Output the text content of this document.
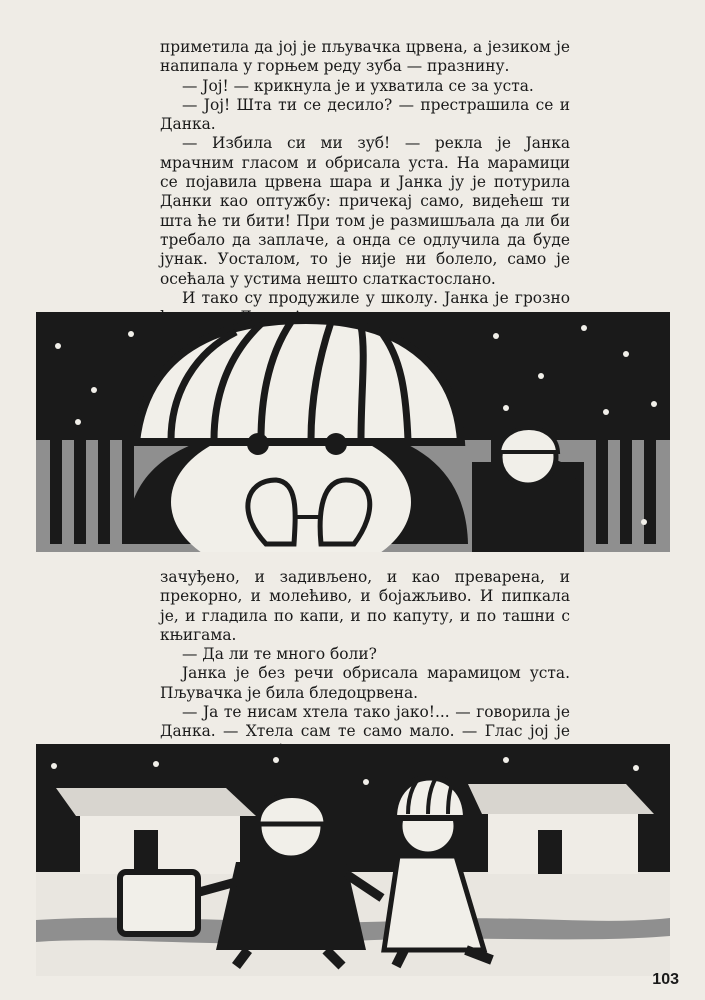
приметила да јој је пљувачка црвена, а језиком је напипала у горњем реду зуба — празнину.

— Јој! — крикнула је и ухватила се за уста.

— Јој! Шта ти се десило? — престрашила се и Данка.

— Избила си ми зуб! — рекла је Јанка мрачним гласом и обрисала уста. На марамици се појавила црвена шара и Јанка ју је потурила Данки као оптужбу: причекај само, видећеш ти шта ће ти бити! При том је размишљала да ли би требало да заплаче, а онда се одлучила да буде јунак. Уосталом, то је није ни болело, само је осећала у устима нешто слаткастосланo.

И тако су продужиле у школу. Јанка је грозно

зачуђено, и задивљено, и као преварена, и прекорно, и молећиво, и бојажљиво. И пипкала је, и гладила по капи, и по капуту, и по ташни с књигама.

— Да ли те много боли?

Јанка је без речи обрисала марамицом уста. Пљувачка је била бледоцрвена.

— Ја те нисам хтела тако јако!... — говорила је Данка. — Хтела сам те само мало. — Глас јој је

103
